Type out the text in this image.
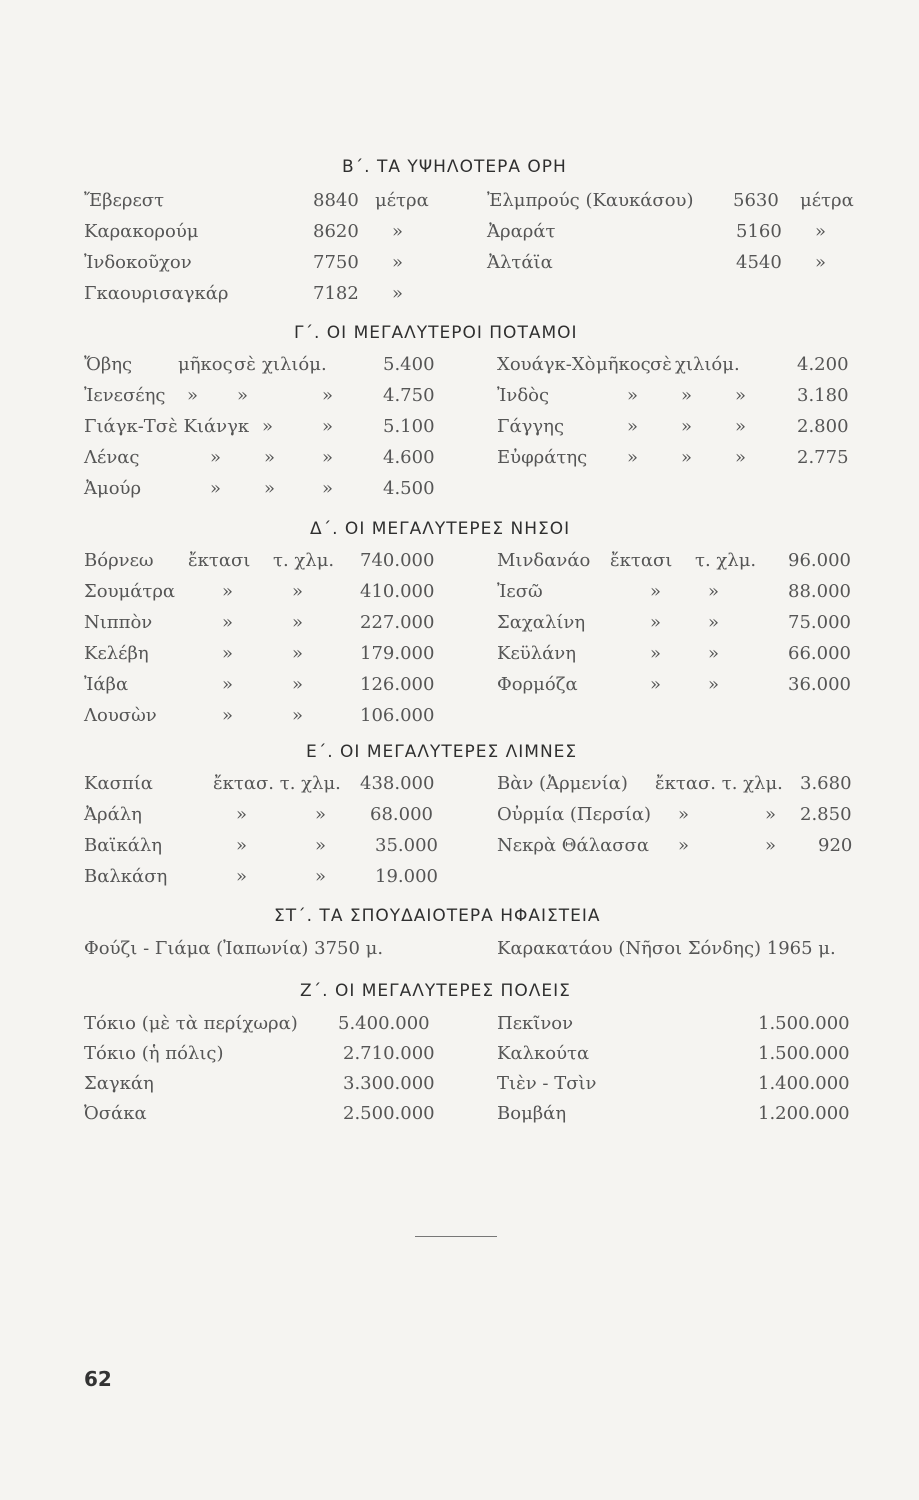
Β΄. ΤΑ ΥΨΗΛΟΤΕΡΑ ΟΡΗ
Ἔβερεστ	8840 μέτρα	Ἐλμπρούς (Καυκάσου) 5630 μέτρα
Καρακορούμ	8620 »	Ἀραράτ	5160 »
Ἰνδοκοῦχον	7750 »	Ἀλτάϊα	4540 »
Γκαουρισαγκάρ	7182 »
Γ΄. ΟΙ ΜΕΓΑΛΥΤΕΡΟΙ ΠΟΤΑΜΟΙ
Ὄβης	μῆκος σὲ χιλιόμ.	5.400	Χουάγκ-Χὸ μῆκος σὲ χιλιόμ.	4.200
Ἰενεσέης » »	»	4.750	Ἰνδὸς	» » »	3.180
Γιάγκ-Τσὲ Κιάνγκ »	»	5.100	Γάγγης	» » »	2.800
Λένας	» »	»	4.600	Εὐφράτης » » »	2.775
Ἀμούρ	» »	»	4.500
Δ΄. ΟΙ ΜΕΓΑΛΥΤΕΡΕΣ ΝΗΣΟΙ
Βόρνεω ἔκτασι τ. χλμ. 740.000	Μινδανάο ἔκτασι τ. χλμ. 96.000
Σουμάτρα	»	»	410.000	Ἰεσῶ	»	»	88.000
Νιππὸν	»	»	227.000	Σαχαλίνη	»	»	75.000
Κελέβη	»	»	179.000	Κεϋλάνη	»	»	66.000
Ἰάβα	»	»	126.000	Φορμόζα	»	»	36.000
Λουσὼν	»	»	106.000
Ε΄. ΟΙ ΜΕΓΑΛΥΤΕΡΕΣ ΛΙΜΝΕΣ
Κασπία	ἔκτασ. τ. χλμ. 438.000	Βὰν (Ἀρμενία) ἔκτασ. τ. χλμ. 3.680
Ἀράλη	»	» 68.000	Οὐρμία (Περσία) »	» 2.850
Βαϊκάλη	»	»	35.000	Νεκρὰ Θάλασσα »	» 920
Βαλκάση	»	»	19.000
ΣΤ΄. ΤΑ ΣΠΟΥΔΑΙΟΤΕΡΑ ΗΦΑΙΣΤΕΙΑ
Φούζι - Γιάμα (Ἰαπωνία) 3750 μ.	Καρακατάου (Νῆσοι Σόνδης) 1965 μ.
Ζ΄. ΟΙ ΜΕΓΑΛΥΤΕΡΕΣ ΠΟΛΕΙΣ
Τόκιο (μὲ τὰ περίχωρα) 5.400.000	Πεκῖνον	1.500.000
Τόκιο (ἡ πόλις)	2.710.000	Καλκούτα	1.500.000
Σαγκάη	3.300.000	Τιὲν - Τσὶν	1.400.000
Ὀσάκα	2.500.000	Βομβάη	1.200.000
62
